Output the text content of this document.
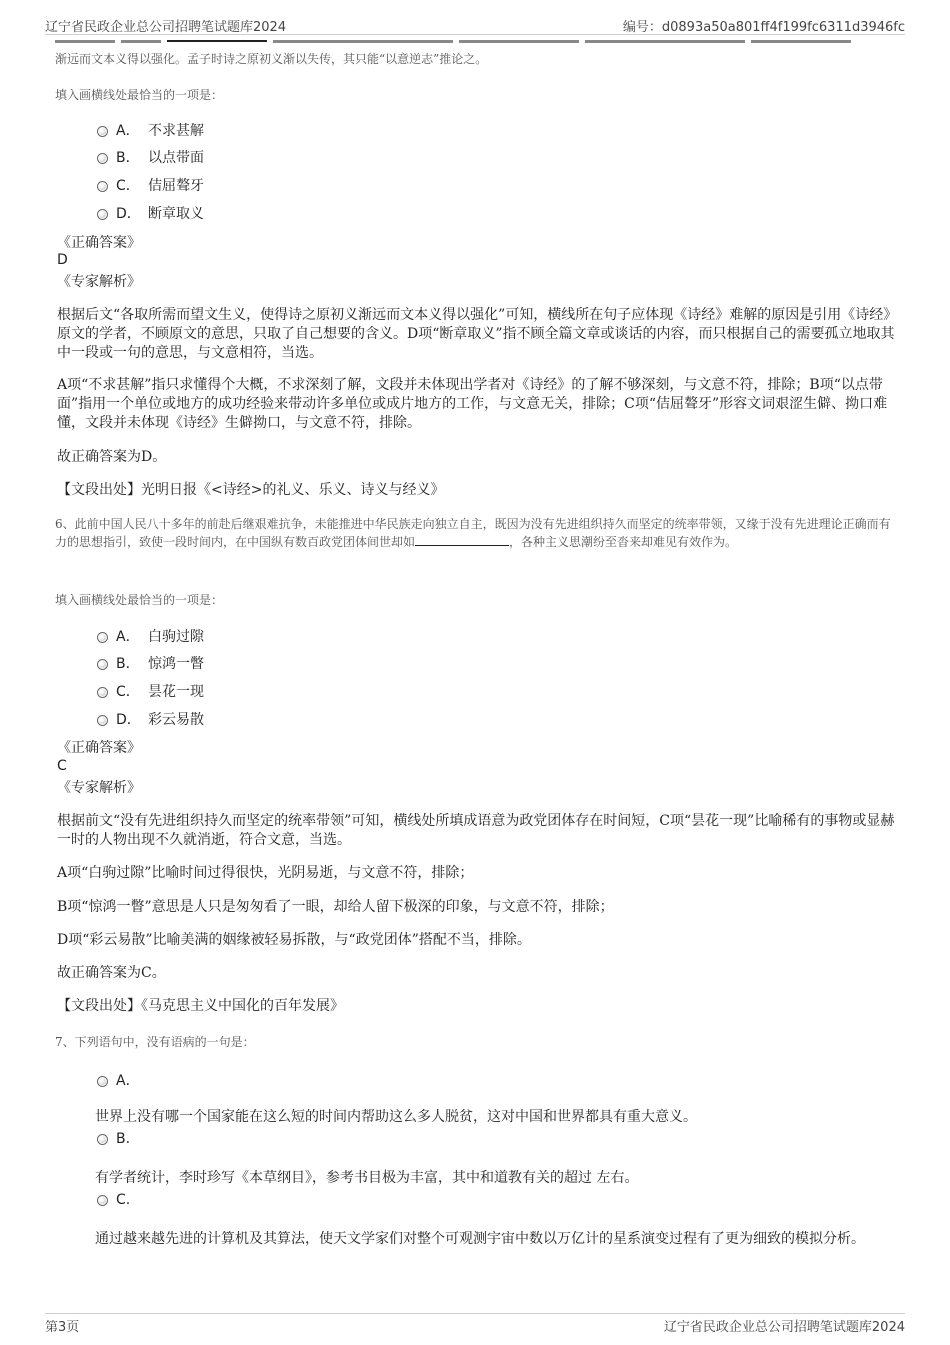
辽宁省民政企业总公司招聘笔试题库2024	编号：d0893a50a801ff4f199fc6311d3946fc
渐远而文本义得以强化。孟子时诗之原初义渐以失传，其只能“以意逆志”推论之。
填入画横线处最恰当的一项是：
A． 不求甚解
B． 以点带面
C． 佶屈聱牙
D． 断章取义
《正确答案》
D
《专家解析》
根据后文“各取所需而望文生义，使得诗之原初义渐远而文本义得以强化”可知，横线所在句子应体现《诗经》难解的原因是引用《诗经》原文的学者，不顾原文的意思，只取了自己想要的含义。D项“断章取义”指不顾全篇文章或谈话的内容，而只根据自己的需要孤立地取其中一段或一句的意思，与文意相符，当选。
A项“不求甚解”指只求懂得个大概，不求深刻了解，文段并未体现出学者对《诗经》的了解不够深刻，与文意不符，排除；B项“以点带面”指用一个单位或地方的成功经验来带动许多单位或成片地方的工作，与文意无关，排除；C项“佶屈聱牙”形容文词艰涩生僻、拗口难懂，文段并未体现《诗经》生僻拗口，与文意不符，排除。
故正确答案为D。
【文段出处】光明日报《<诗经>的礼义、乐义、诗义与经义》
6、此前中国人民八十多年的前赴后继艰难抗争，未能推进中华民族走向独立自主，既因为没有先进组织持久而坚定的统率带领，又缘于没有先进理论正确而有力的思想指引，致使一段时间内，在中国纵有数百政党团体间世却如	，各种主义思潮纷至沓来却难见有效作为。
填入画横线处最恰当的一项是：
A． 白驹过隙
B． 惊鸿一瞥
C． 昙花一现
D． 彩云易散
《正确答案》
C
《专家解析》
根据前文“没有先进组织持久而坚定的统率带领”可知，横线处所填成语意为政党团体存在时间短，C项“昙花一现”比喻稀有的事物或显赫一时的人物出现不久就消逝，符合文意，当选。
A项“白驹过隙”比喻时间过得很快，光阴易逝，与文意不符，排除；
B项“惊鸿一瞥”意思是人只是匆匆看了一眼，却给人留下极深的印象，与文意不符，排除；
D项“彩云易散”比喻美满的姻缘被轻易拆散，与“政党团体”搭配不当，排除。
故正确答案为C。
【文段出处】《马克思主义中国化的百年发展》
7、下列语句中，没有语病的一句是：
A．
世界上没有哪一个国家能在这么短的时间内帮助这么多人脱贫，这对中国和世界都具有重大意义。
B.
有学者统计，李时珍写《本草纲目》，参考书目极为丰富，其中和道教有关的超过 左右。
C.
通过越来越先进的计算机及其算法，使天文学家们对整个可观测宇宙中数以万亿计的星系演变过程有了更为细致的模拟分析。
第3页	辽宁省民政企业总公司招聘笔试题库2024
